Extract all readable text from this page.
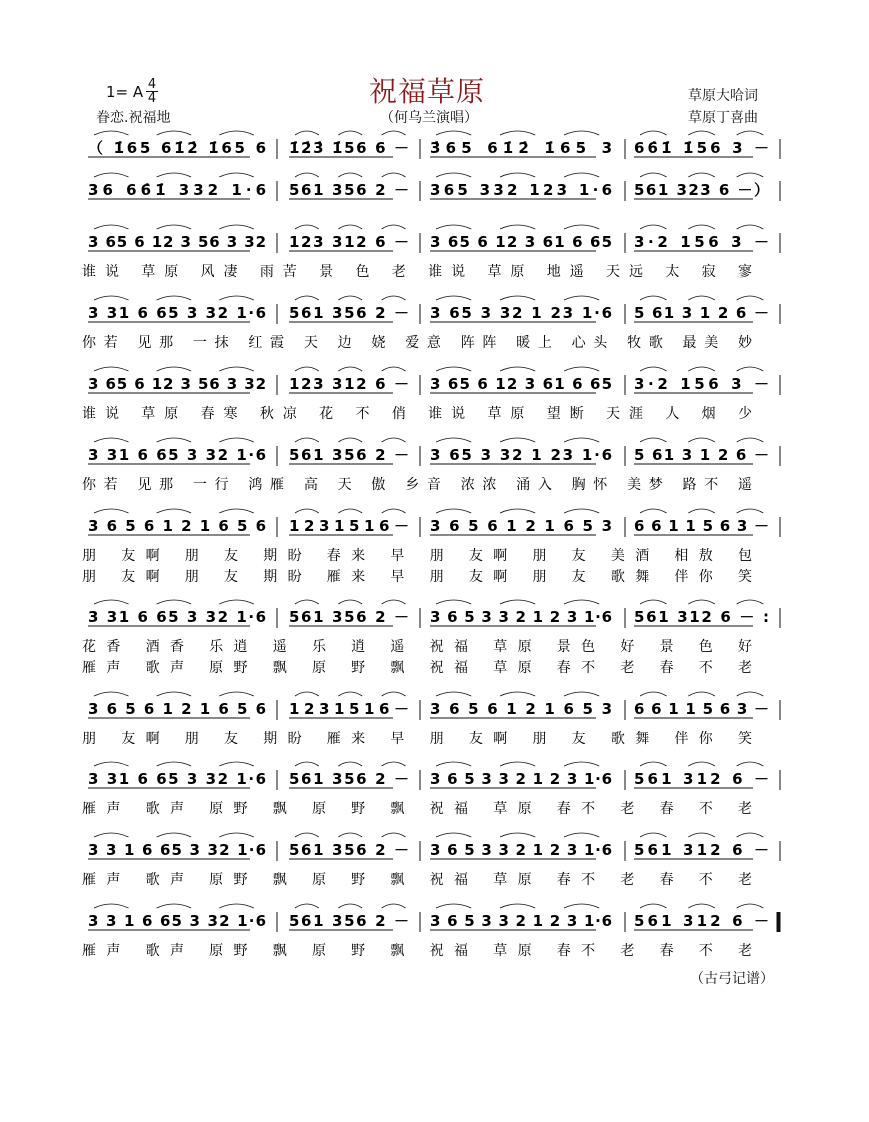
祝福草原
1= A 4
4
眷恋.祝福地	（何乌兰演唱）
草原大哈词
草原丁喜曲
（ 1̇65 61̇2̇ 1̇65 6 1̇2̇3̇ 1̇56 6 － 3̇65 61̇2̇ 1̇65 3 66̇1̇ 1̇56 3 －
36 66̇1̇ 332 1·6 561 356 2 － 365 332 123 1·6 561 323 6 －）
3 65 6 12 3 56 3 32 123 312 6 － 3 65 6 12 3 61 6 65 3·2 156 3 －
谁说 草原 风凄 雨苦 景 色 老 谁说 草原 地遥 天远 太 寂 寥
3 31 6 65 3 32 1·6 561 356 2 － 3 65 3 32 1 23 1·6 5 61 3 1 2 6 －
你若 见那 一抹 红霞 天 边 娆 爱意 阵阵 暖上 心头 牧歌 最美 妙
3 65 6 12 3 56 3 32 123 312 6 － 3 65 6 12 3 61 6 65 3·2 156 3 －
谁说 草原 春寒 秋凉 花 不 俏 谁说 草原 望断 天涯 人 烟 少
3 31 6 65 3 32 1·6 561 356 2 － 3 65 3 32 1 23 1·6 5 61 3 1 2 6 －
你若 见那 一行 鸿雁 高 天 傲 乡音 浓浓 涌入 胸怀 美梦 路不 遥
3 6 5 6 1 2 1 6 5 6 1 2 3 1 5 1 6 － 3 6 5 6 1 2 1 6 5 3 6 6 1 1 5 6 3 －
朋 友啊 朋 友 期盼 春来 早 朋 友啊 朋 友 美酒 相敖 包
朋 友啊 朋 友 期盼 雁来 早 朋 友啊 朋 友 歌舞 伴你 笑
3 31 6 65 3 32 1·6 561 356 2 － 3 6 5 3 3 2 1 2 3 1·6 561 312 6 － :
花香 酒香 乐逍 遥 乐 逍 遥 祝福 草原 景色 好 景 色 好
雁声 歌声 原野 飘 原 野 飘 祝福 草原 春不 老 春 不 老
3 6 5 6 1 2 1 6 5 6 1 2 3 1 5 1 6 － 3 6 5 6 1 2 1 6 5 3 6 6 1 1 5 6 3 －
朋 友啊 朋 友 期盼 雁来 早 朋 友啊 朋 友 歌舞 伴你 笑
3 31 6 65 3 32 1·6 561 356 2 － 3 6 5 3 3 2 1 2 3 1·6 561 312 6 －
雁声 歌声 原野 飘 原 野 飘 祝福 草原 春不 老 春 不 老
3 3 1 6 65 3 32 1·6 561 356 2 － 3 6 5 3 3 2 1 2 3 1·6 561 312 6 －
雁声 歌声 原野 飘 原 野 飘 祝福 草原 春不 老 春 不 老
3 3 1 6 65 3 32 1·6 561 356 2 － 3 6 5 3 3 2 1 2 3 1·6 561 312 6 －
雁声 歌声 原野 飘 原 野 飘 祝福 草原 春不 老 春 不 老
（古弓记谱）
